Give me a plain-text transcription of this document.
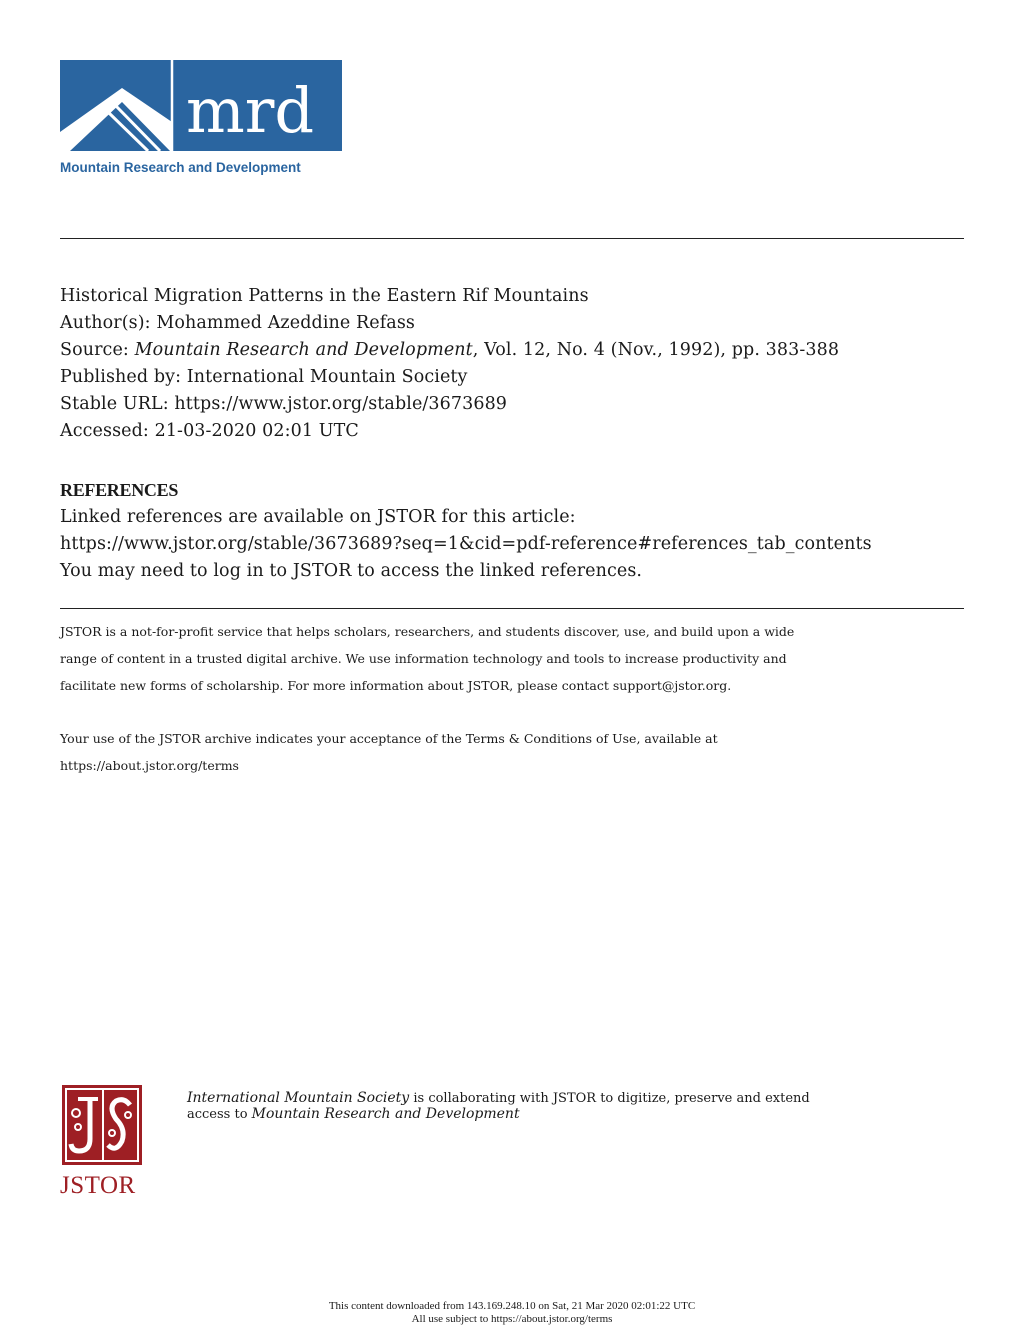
mrd
Mountain Research and Development
Historical Migration Patterns in the Eastern Rif Mountains
Author(s): Mohammed Azeddine Refass
Source: Mountain Research and Development, Vol. 12, No. 4 (Nov., 1992), pp. 383-388
Published by: International Mountain Society
Stable URL: https://www.jstor.org/stable/3673689
Accessed: 21-03-2020 02:01 UTC
REFERENCES
Linked references are available on JSTOR for this article:
https://www.jstor.org/stable/3673689?seq=1&cid=pdf-reference#references_tab_contents
You may need to log in to JSTOR to access the linked references.
JSTOR is a not-for-profit service that helps scholars, researchers, and students discover, use, and build upon a wide
range of content in a trusted digital archive. We use information technology and tools to increase productivity and
facilitate new forms of scholarship. For more information about JSTOR, please contact support@jstor.org.
Your use of the JSTOR archive indicates your acceptance of the Terms & Conditions of Use, available at
https://about.jstor.org/terms
JSTOR
International Mountain Society is collaborating with JSTOR to digitize, preserve and extend
access to Mountain Research and Development
This content downloaded from 143.169.248.10 on Sat, 21 Mar 2020 02:01:22 UTC
All use subject to https://about.jstor.org/terms
